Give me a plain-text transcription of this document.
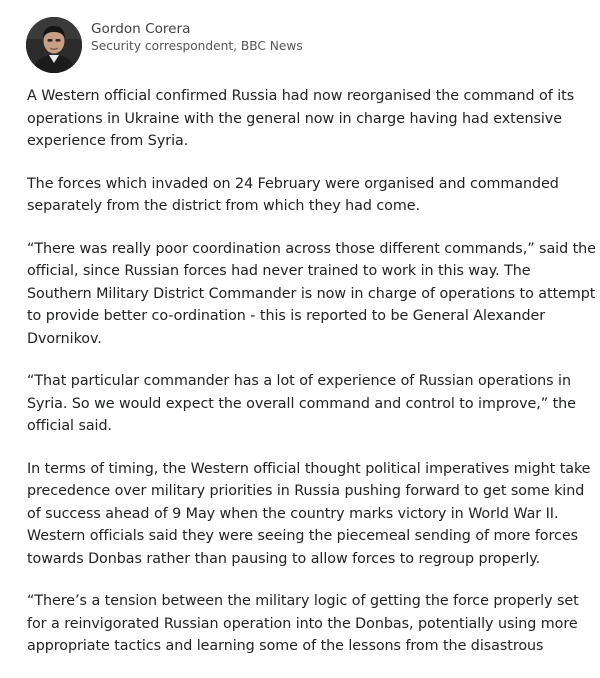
Gordon Corera
Security correspondent, BBC News

A Western official confirmed Russia had now reorganised the command of its operations in Ukraine with the general now in charge having had extensive experience from Syria.

The forces which invaded on 24 February were organised and commanded separately from the district from which they had come.

“There was really poor coordination across those different commands,” said the official, since Russian forces had never trained to work in this way. The Southern Military District Commander is now in charge of operations to attempt to provide better co-ordination - this is reported to be General Alexander Dvornikov.

“That particular commander has a lot of experience of Russian operations in Syria. So we would expect the overall command and control to improve,” the official said.

In terms of timing, the Western official thought political imperatives might take precedence over military priorities in Russia pushing forward to get some kind of success ahead of 9 May when the country marks victory in World War II. Western officials said they were seeing the piecemeal sending of more forces towards Donbas rather than pausing to allow forces to regroup properly.

“There’s a tension between the military logic of getting the force properly set for a reinvigorated Russian operation into the Donbas, potentially using more appropriate tactics and learning some of the lessons from the disastrous
